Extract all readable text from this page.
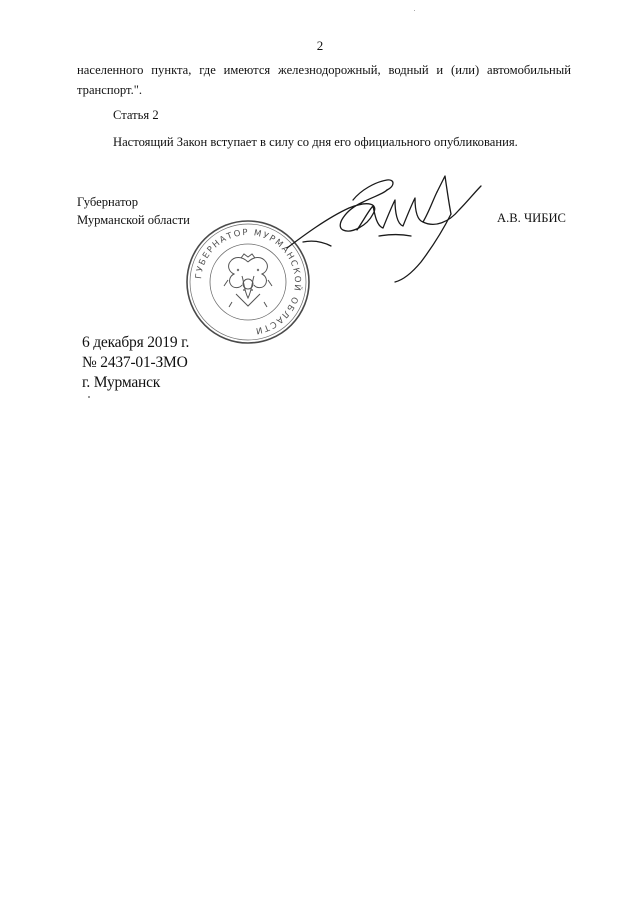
2
населенного пункта, где имеются железнодорожный, водный и (или) автомобильный
транспорт.".
Статья 2
Настоящий Закон вступает в силу со дня его официального опубликования.
Губернатор
Мурманской области	А.В. ЧИБИС
ГУБЕРНАТОР МУРМАНСКОЙ ОБЛАСТИ
6 декабря 2019 г.
№ 2437-01-ЗМО
г. Мурманск
